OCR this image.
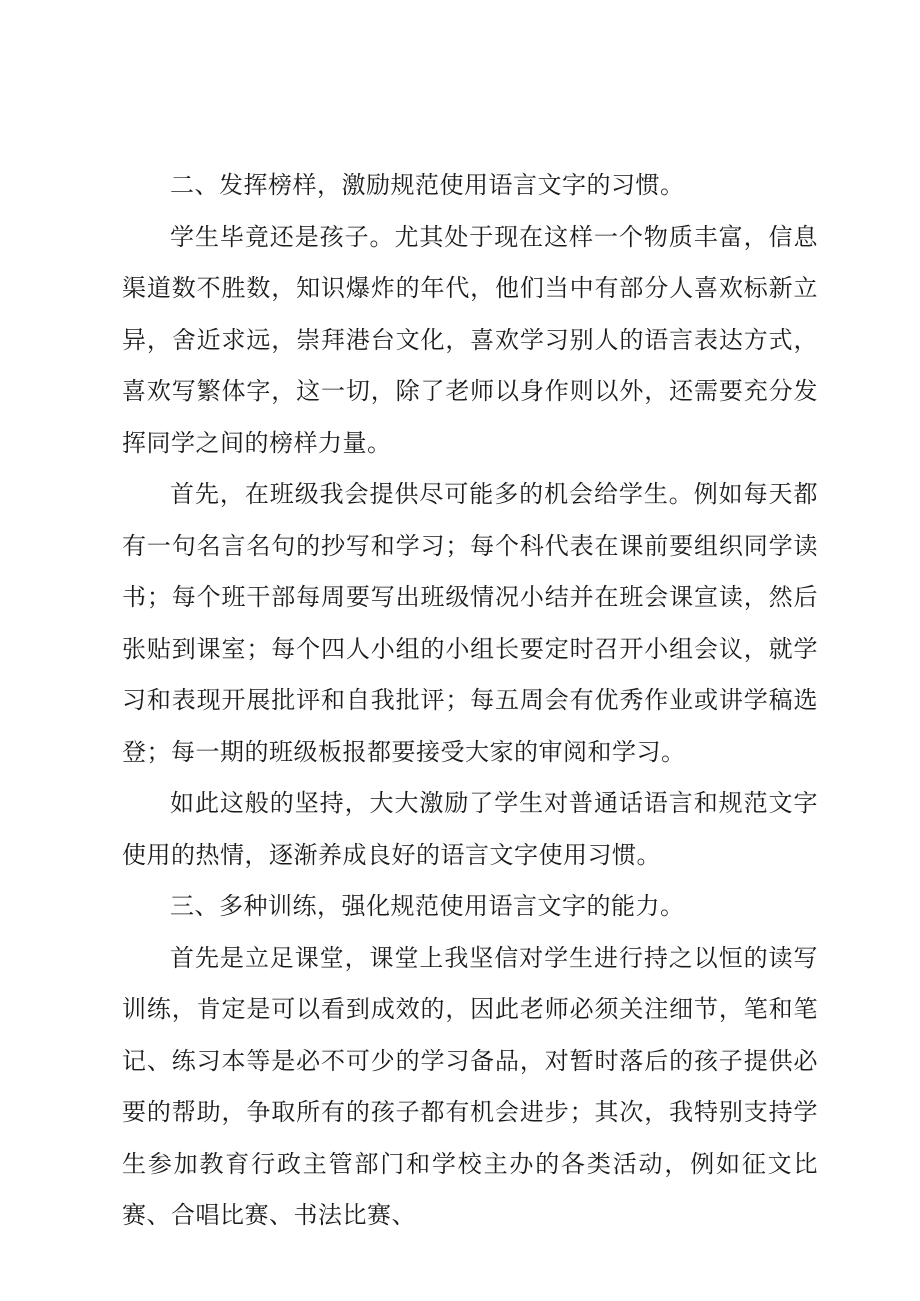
二、发挥榜样，激励规范使用语言文字的习惯。

学生毕竟还是孩子。尤其处于现在这样一个物质丰富，信息渠道数不胜数，知识爆炸的年代，他们当中有部分人喜欢标新立异，舍近求远，崇拜港台文化，喜欢学习别人的语言表达方式，喜欢写繁体字，这一切，除了老师以身作则以外，还需要充分发挥同学之间的榜样力量。

首先，在班级我会提供尽可能多的机会给学生。例如每天都有一句名言名句的抄写和学习；每个科代表在课前要组织同学读书；每个班干部每周要写出班级情况小结并在班会课宣读，然后张贴到课室；每个四人小组的小组长要定时召开小组会议，就学习和表现开展批评和自我批评；每五周会有优秀作业或讲学稿选登；每一期的班级板报都要接受大家的审阅和学习。

如此这般的坚持，大大激励了学生对普通话语言和规范文字使用的热情，逐渐养成良好的语言文字使用习惯。

三、多种训练，强化规范使用语言文字的能力。

首先是立足课堂，课堂上我坚信对学生进行持之以恒的读写训练，肯定是可以看到成效的，因此老师必须关注细节，笔和笔记、练习本等是必不可少的学习备品，对暂时落后的孩子提供必要的帮助，争取所有的孩子都有机会进步；其次，我特别支持学生参加教育行政主管部门和学校主办的各类活动，例如征文比赛、合唱比赛、书法比赛、
